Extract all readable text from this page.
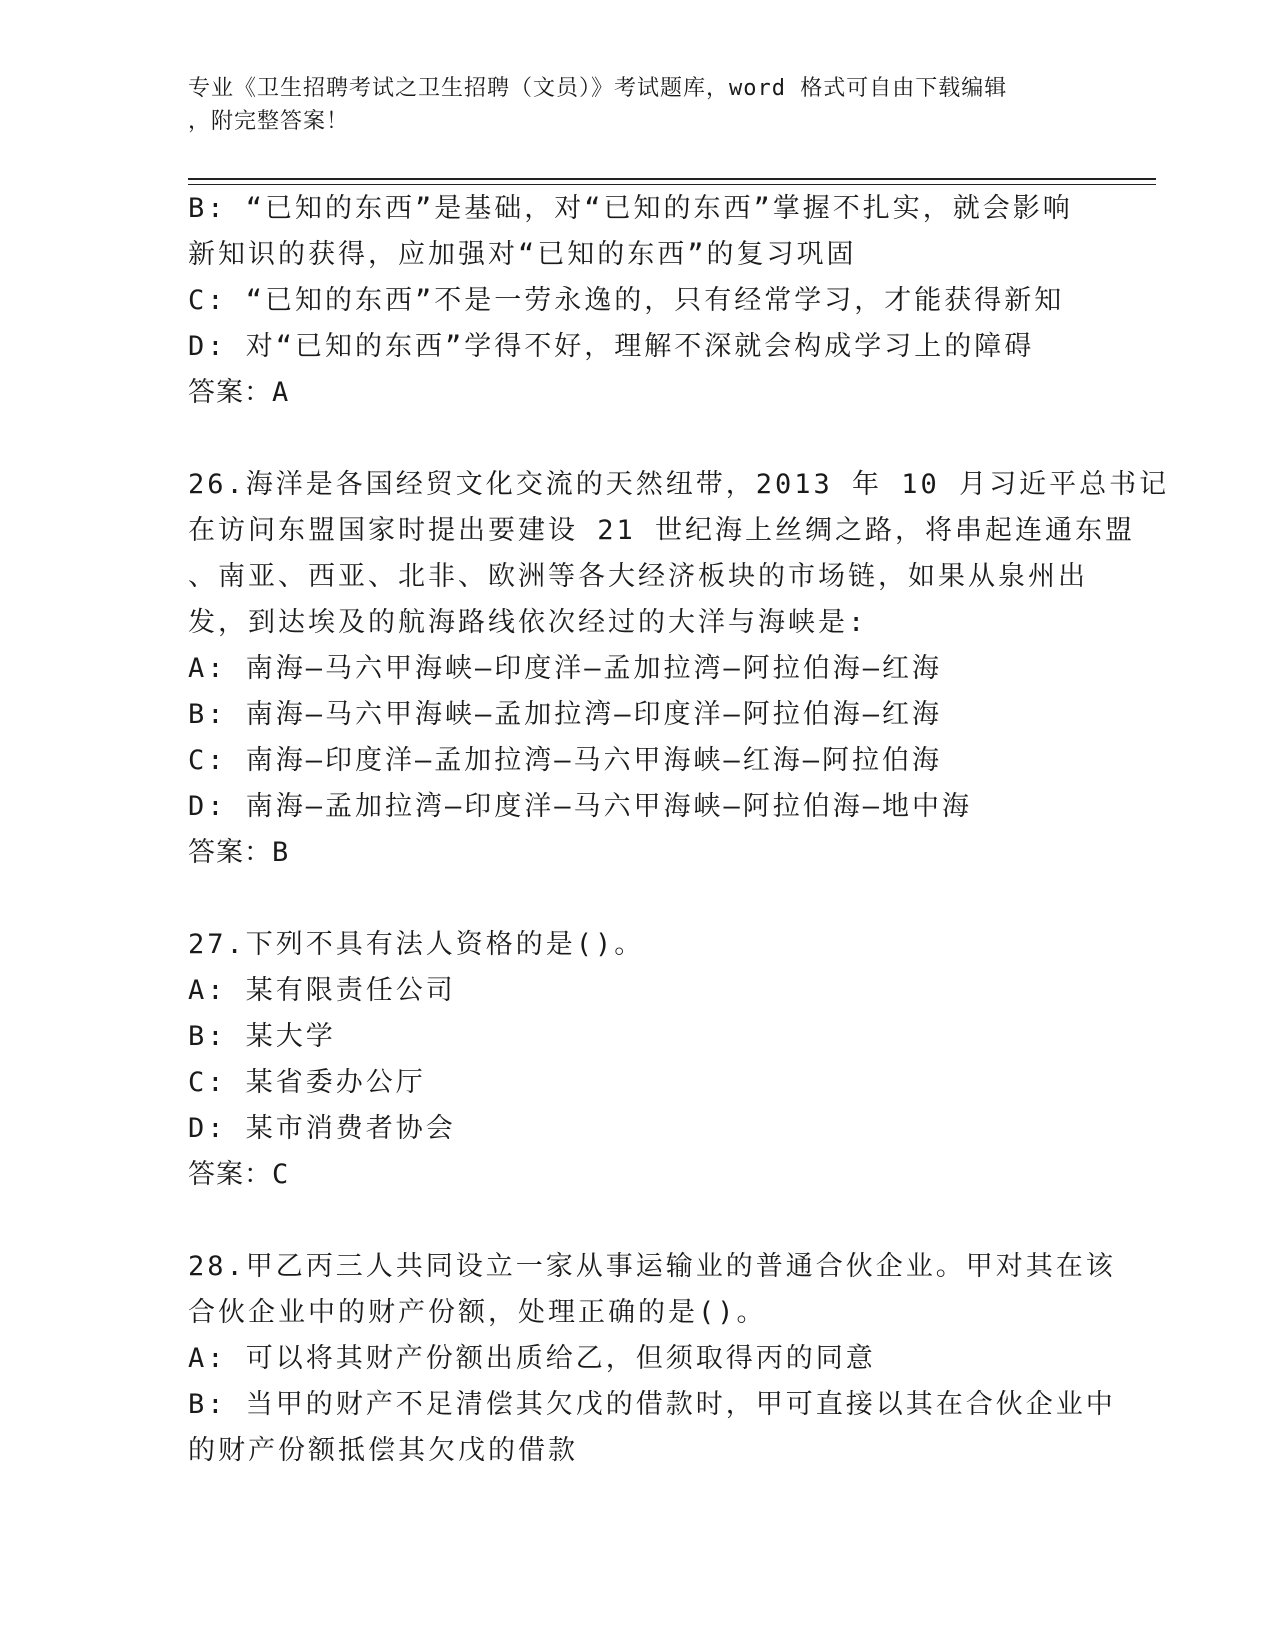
专业《卫生招聘考试之卫生招聘（文员）》考试题库，word 格式可自由下载编辑
，附完整答案！
B: “已知的东西”是基础，对“已知的东西”掌握不扎实，就会影响
新知识的获得，应加强对“已知的东西”的复习巩固
C: “已知的东西”不是一劳永逸的，只有经常学习，才能获得新知
D: 对“已知的东西”学得不好，理解不深就会构成学习上的障碍
答案：A
26.海洋是各国经贸文化交流的天然纽带，2013 年 10 月习近平总书记
在访问东盟国家时提出要建设 21 世纪海上丝绸之路，将串起连通东盟
、南亚、西亚、北非、欧洲等各大经济板块的市场链，如果从泉州出
发，到达埃及的航海路线依次经过的大洋与海峡是:
A: 南海—马六甲海峡—印度洋—孟加拉湾—阿拉伯海—红海
B: 南海—马六甲海峡—孟加拉湾—印度洋—阿拉伯海—红海
C: 南海—印度洋—孟加拉湾—马六甲海峡—红海—阿拉伯海
D: 南海—孟加拉湾—印度洋—马六甲海峡—阿拉伯海—地中海
答案：B
27.下列不具有法人资格的是()。
A: 某有限责任公司
B: 某大学
C: 某省委办公厅
D: 某市消费者协会
答案：C
28.甲乙丙三人共同设立一家从事运输业的普通合伙企业。甲对其在该
合伙企业中的财产份额，处理正确的是()。
A: 可以将其财产份额出质给乙，但须取得丙的同意
B: 当甲的财产不足清偿其欠戊的借款时，甲可直接以其在合伙企业中
的财产份额抵偿其欠戊的借款
